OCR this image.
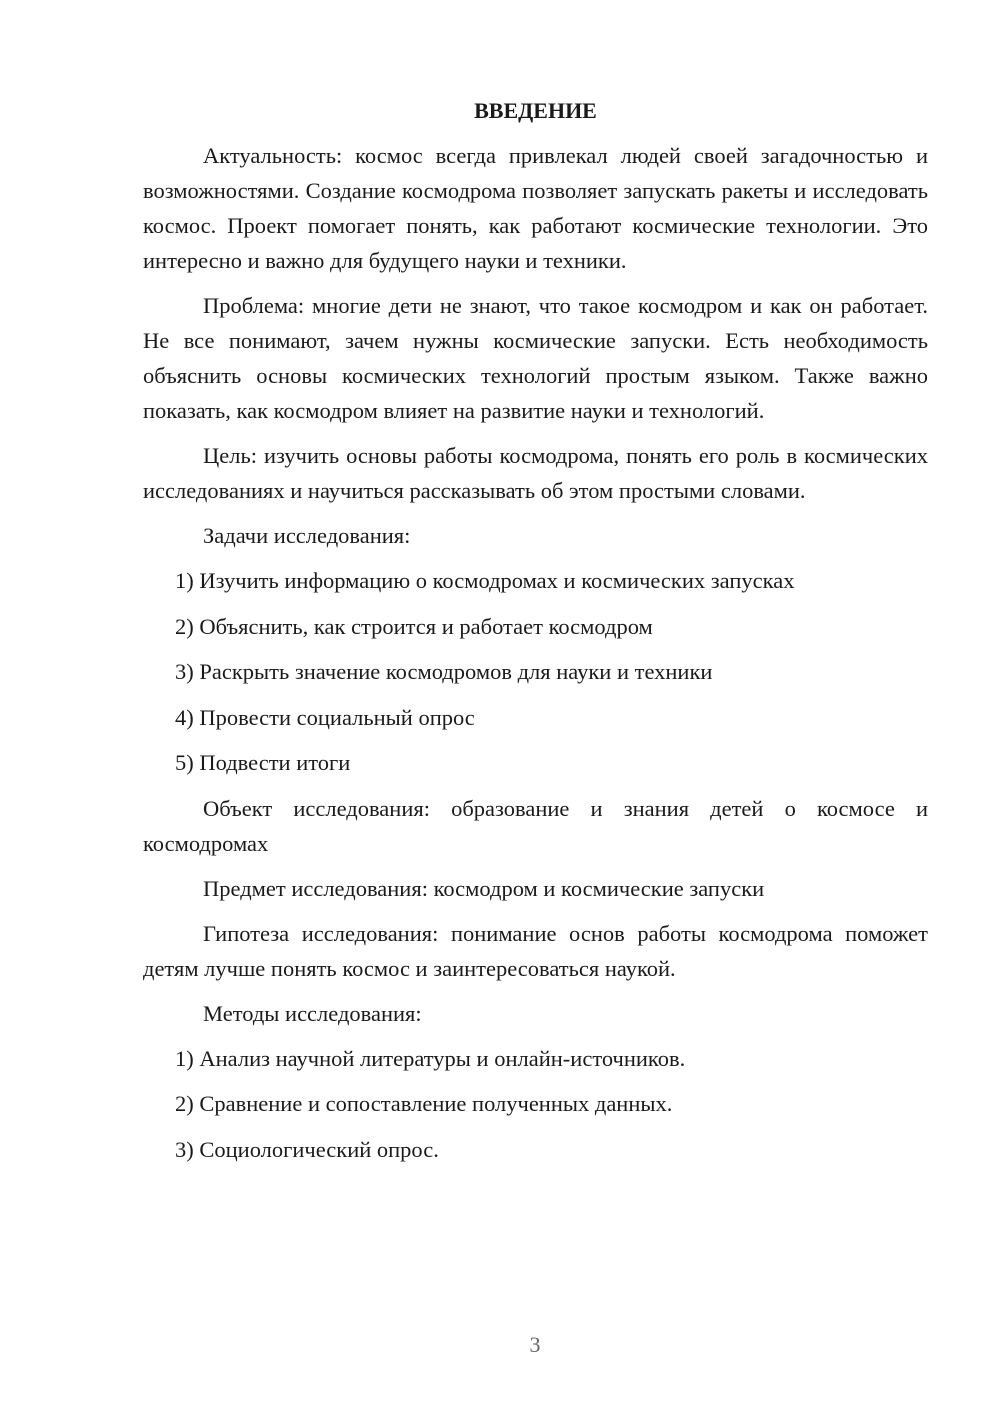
ВВЕДЕНИЕ

Актуальность: космос всегда привлекал людей своей загадочностью и возможностями. Создание космодрома позволяет запускать ракеты и исследовать космос. Проект помогает понять, как работают космические технологии. Это интересно и важно для будущего науки и техники.

Проблема: многие дети не знают, что такое космодром и как он работает. Не все понимают, зачем нужны космические запуски. Есть необходимость объяснить основы космических технологий простым языком. Также важно показать, как космодром влияет на развитие науки и технологий.

Цель: изучить основы работы космодрома, понять его роль в космических исследованиях и научиться рассказывать об этом простыми словами.

Задачи исследования:

1) Изучить информацию о космодромах и космических запусках
2) Объяснить, как строится и работает космодром
3) Раскрыть значение космодромов для науки и техники
4) Провести социальный опрос
5) Подвести итоги

Объект исследования: образование и знания детей о космосе и космодромах

Предмет исследования: космодром и космические запуски

Гипотеза исследования: понимание основ работы космодрома поможет детям лучше понять космос и заинтересоваться наукой.

Методы исследования:

1) Анализ научной литературы и онлайн-источников.
2) Сравнение и сопоставление полученных данных.
3) Социологический опрос.
3
